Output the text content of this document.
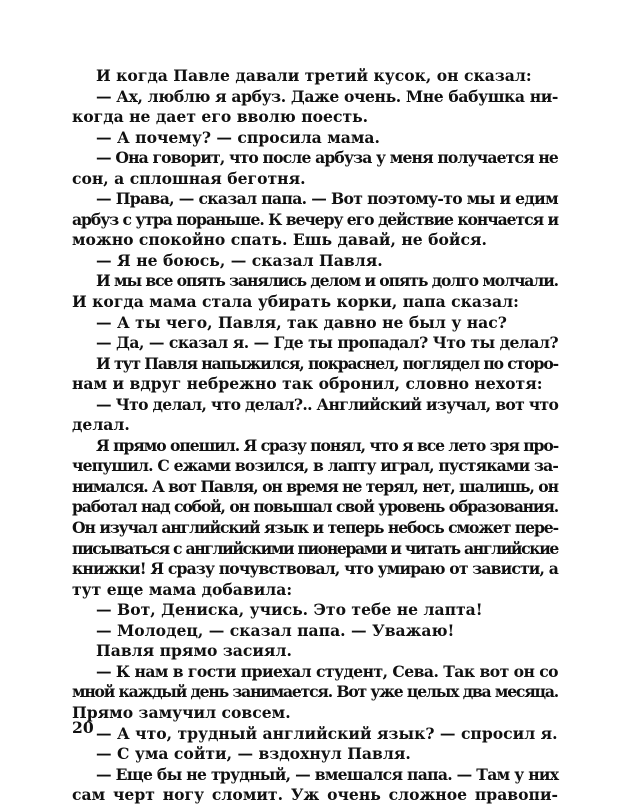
И когда Павле давали третий кусок, он сказал:
— Ах, люблю я арбуз. Даже очень. Мне бабушка ни-
когда не дает его вволю поесть.
— А почему? — спросила мама.
— Она говорит, что после арбуза у меня получается не
сон, а сплошная беготня.
— Права, — сказал папа. — Вот поэтому-то мы и едим
арбуз с утра пораньше. К вечеру его действие кончается и
можно спокойно спать. Ешь давай, не бойся.
— Я не боюсь, — сказал Павля.
И мы все опять занялись делом и опять долго молчали.
И когда мама стала убирать корки, папа сказал:
— А ты чего, Павля, так давно не был у нас?
— Да, — сказал я. — Где ты пропадал? Что ты делал?
И тут Павля напыжился, покраснел, поглядел по сторо-
нам и вдруг небрежно так обронил, словно нехотя:
— Что делал, что делал?.. Английский изучал, вот что
делал.
Я прямо опешил. Я сразу понял, что я все лето зря про-
чепушил. С ежами возился, в лапту играл, пустяками за-
нимался. А вот Павля, он время не терял, нет, шалишь, он
работал над собой, он повышал свой уровень образования.
Он изучал английский язык и теперь небось сможет пере-
писываться с английскими пионерами и читать английские
книжки! Я сразу почувствовал, что умираю от зависти, а
тут еще мама добавила:
— Вот, Дениска, учись. Это тебе не лапта!
— Молодец, — сказал папа. — Уважаю!
Павля прямо засиял.
— К нам в гости приехал студент, Сева. Так вот он со
мной каждый день занимается. Вот уже целых два месяца.
Прямо замучил совсем.
— А что, трудный английский язык? — спросил я.
— С ума сойти, — вздохнул Павля.
— Еще бы не трудный, — вмешался папа. — Там у них
сам черт ногу сломит. Уж очень сложное правопи-
20
